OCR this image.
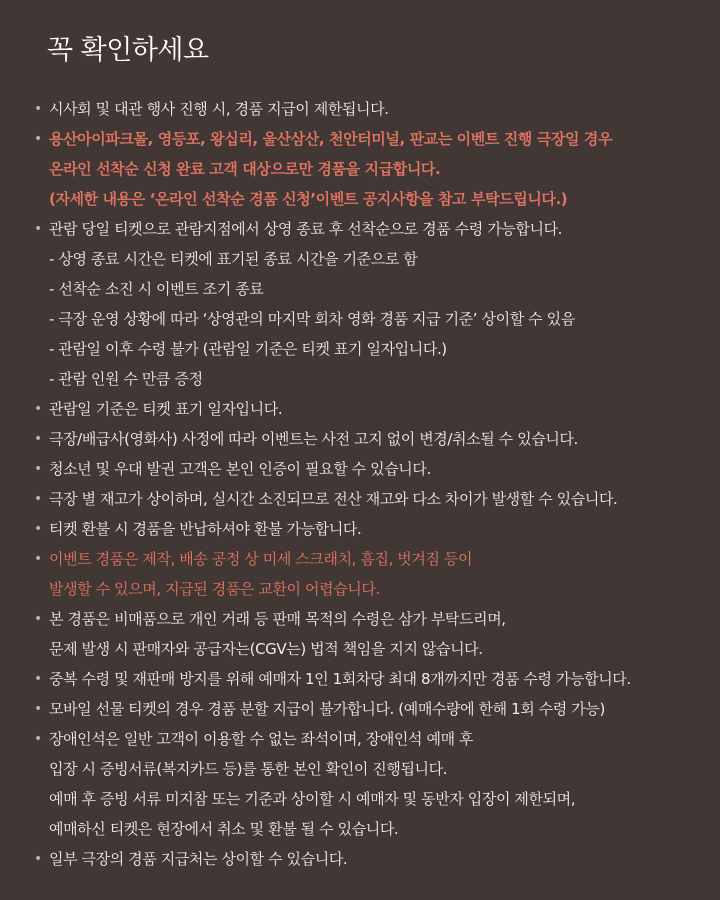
꼭 확인하세요
• 시사회 및 대관 행사 진행 시, 경품 지급이 제한됩니다.
• 용산아이파크몰, 영등포, 왕십리, 울산삼산, 천안터미널, 판교는 이벤트 진행 극장일 경우
온라인 선착순 신청 완료 고객 대상으로만 경품을 지급합니다.
(자세한 내용은 ‘온라인 선착순 경품 신청’이벤트 공지사항을 참고 부탁드립니다.)
• 관람 당일 티켓으로 관람지점에서 상영 종료 후 선착순으로 경품 수령 가능합니다.
- 상영 종료 시간은 티켓에 표기된 종료 시간을 기준으로 함
- 선착순 소진 시 이벤트 조기 종료
- 극장 운영 상황에 따라 ‘상영관의 마지막 회차 영화 경품 지급 기준’ 상이할 수 있음
- 관람일 이후 수령 불가 (관람일 기준은 티켓 표기 일자입니다.)
- 관람 인원 수 만큼 증정
• 관람일 기준은 티켓 표기 일자입니다.
• 극장/배급사(영화사) 사정에 따라 이벤트는 사전 고지 없이 변경/취소될 수 있습니다.
• 청소년 및 우대 발권 고객은 본인 인증이 필요할 수 있습니다.
• 극장 별 재고가 상이하며, 실시간 소진되므로 전산 재고와 다소 차이가 발생할 수 있습니다.
• 티켓 환불 시 경품을 반납하셔야 환불 가능합니다.
• 이벤트 경품은 제작, 배송 공정 상 미세 스크래치, 흠집, 벗겨짐 등이
발생할 수 있으며, 지급된 경품은 교환이 어렵습니다.
• 본 경품은 비매품으로 개인 거래 등 판매 목적의 수령은 삼가 부탁드리며,
문제 발생 시 판매자와 공급자는(CGV는) 법적 책임을 지지 않습니다.
• 중복 수령 및 재판매 방지를 위해 예매자 1인 1회차당 최대 8개까지만 경품 수령 가능합니다.
• 모바일 선물 티켓의 경우 경품 분할 지급이 불가합니다. (예매수량에 한해 1회 수령 가능)
• 장애인석은 일반 고객이 이용할 수 없는 좌석이며, 장애인석 예매 후
입장 시 증빙서류(복지카드 등)를 통한 본인 확인이 진행됩니다.
예매 후 증빙 서류 미지참 또는 기준과 상이할 시 예매자 및 동반자 입장이 제한되며,
예매하신 티켓은 현장에서 취소 및 환불 될 수 있습니다.
• 일부 극장의 경품 지급처는 상이할 수 있습니다.
